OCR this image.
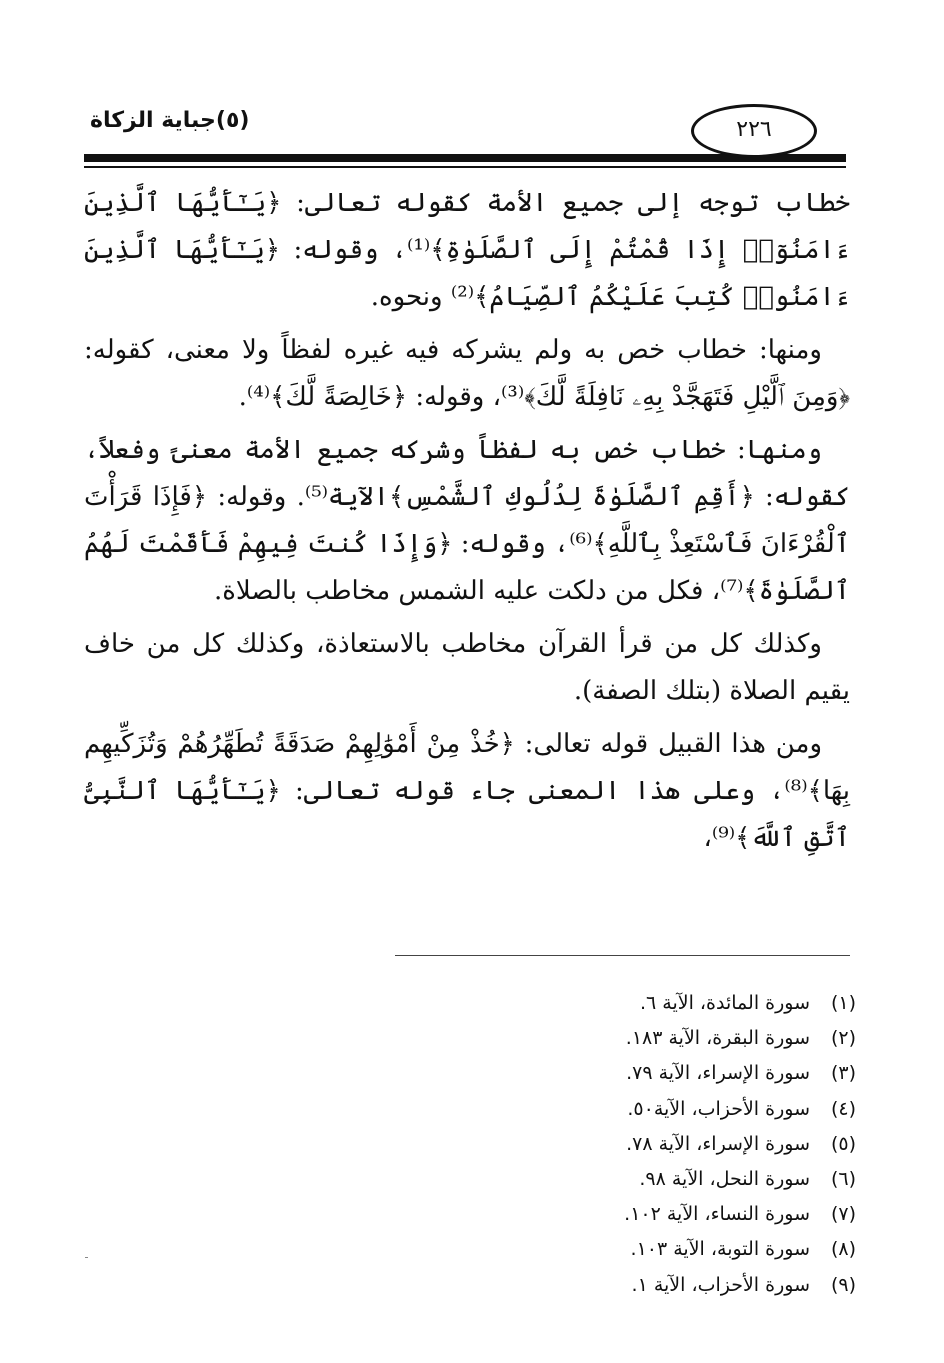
(٥)جباية الزكاة	٢٢٦

خطاب توجه إلى جميع الأمة كقوله تعالى: ﴿يَـٰٓأَيُّهَا ٱلَّذِينَ ءَامَنُوٓا۟ إِذَا قُمْتُمْ إِلَى ٱلصَّلَوٰةِ﴾⁽¹⁾، وقوله: ﴿يَـٰٓأَيُّهَا ٱلَّذِينَ ءَامَنُوا۟ كُتِبَ عَلَيْكُمُ ٱلصِّيَامُ﴾⁽²⁾ ونحوه.

ومنها: خطاب خص به ولم يشركه فيه غيره لفظاً ولا معنى، كقوله: ﴿وَمِنَ ٱلَّيْلِ فَتَهَجَّدْ بِهِۦ نَافِلَةً لَّكَ﴾⁽³⁾، وقوله: ﴿خَالِصَةً لَّكَ﴾⁽⁴⁾.

ومنها: خطاب خص به لفظاً وشركه جميع الأمة معنىً وفعلاً، كقوله: ﴿أَقِمِ ٱلصَّلَوٰةَ لِدُلُوكِ ٱلشَّمْسِ﴾الآية⁽⁵⁾. وقوله: ﴿فَإِذَا قَرَأْتَ ٱلْقُرْءَانَ فَٱسْتَعِذْ بِٱللَّهِ﴾⁽⁶⁾، وقوله: ﴿وَإِذَا كُنتَ فِيهِمْ فَأَقَمْتَ لَهُمُ ٱلصَّلَوٰةَ﴾⁽⁷⁾، فكل من دلكت عليه الشمس مخاطب بالصلاة.

وكذلك كل من قرأ القرآن مخاطب بالاستعاذة، وكذلك كل من خاف يقيم الصلاة (بتلك الصفة).

ومن هذا القبيل قوله تعالى: ﴿خُذْ مِنْ أَمْوَٰلِهِمْ صَدَقَةً تُطَهِّرُهُمْ وَتُزَكِّيهِم بِهَا﴾⁽⁸⁾، وعلى هذا المعنى جاء قوله تعالى: ﴿يَـٰٓأَيُّهَا ٱلنَّبِىُّ ٱتَّقِ ٱللَّهَ﴾⁽⁹⁾،

(١)سورة المائدة، الآية ٦.
(٢)سورة البقرة، الآية ١٨٣.
(٣)سورة الإسراء، الآية ٧٩.
(٤)سورة الأحزاب، الآية٥٠.
(٥)سورة الإسراء، الآية ٧٨.
(٦)سورة النحل، الآية ٩٨.
(٧)سورة النساء، الآية ١٠٢.
(٨)سورة التوبة، الآية ١٠٣.
(٩)سورة الأحزاب، الآية ١.
